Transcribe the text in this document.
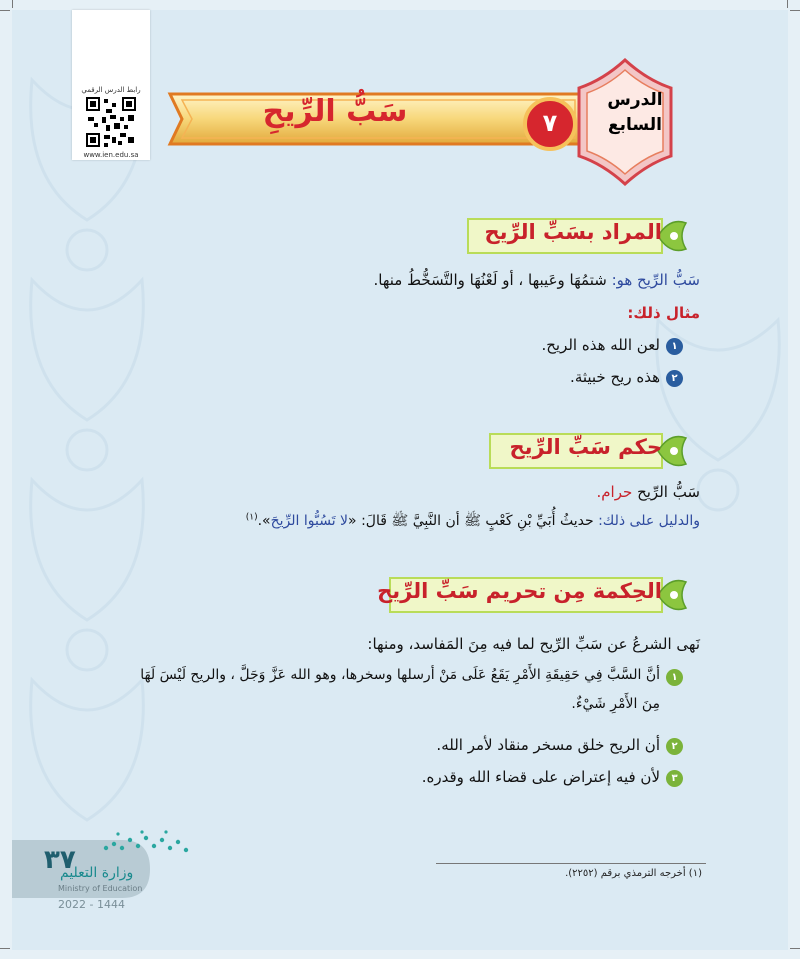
رابط الدرس الرقمي
www.ien.edu.sa
٧
الدرس
السابع
سَبُّ الرِّيحِ
المراد بسَبِّ الرِّيح
سَبُّ الرِّيح هو: شتمُهَا وعَيبها ، أو لَعْنُهَا والتَّسَخُّطُ منها.
مثال ذلك:
١
لعن الله هذه الريح.
٢
هذه ريح خبيثة.
حكم سَبِّ الرِّيح
سَبُّ الرِّيح حرام.
والدليل على ذلك: حديثُ أُبَيِّ بْنِ كَعْبٍ ﷺ أن النَّبِيَّ ﷺ قَالَ: «لا تَسُبُّوا الرِّيحَ».$^{(١)}$
الحِكمة مِن تحريم سَبِّ الرِّيح
نَهى الشرعُ عن سَبِّ الرِّيح لما فيه مِنَ المَفاسد، ومنها:
١
أنَّ السَّبَّ فِي حَقِيقَةِ الأَمْرِ يَقَعُ عَلَى مَنْ أرسلها وسخرها، وهو الله عَزَّ وَجَلَّ ، والريح لَيْسَ لَهَا
مِنَ الأَمْرِ شَيْءٌ.
٢
أن الريح خلق مسخر منقاد لأمر الله.
٣
لأن فيه إعتراض على قضاء الله وقدره.
(١) أخرجه الترمذي برقم (٢٢٥٢).
٣٧
وزارة التعليم
Ministry of Education
2022 - 1444
